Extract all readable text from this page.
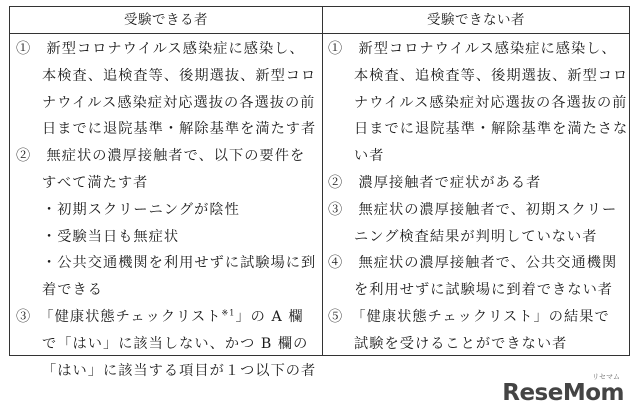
受験できる者	受験できない者
①　新型コロナウイルス感染症に感染し、
本検査、追検査等、後期選抜、新型コロ
ナウイルス感染症対応選抜の各選抜の前
日までに退院基準・解除基準を満たす者
②　無症状の濃厚接触者で、以下の要件を
すべて満たす者
・初期スクリーニングが陰性
・受験当日も無症状
・公共交通機関を利用せずに試験場に到
着できる
③　「健康状態チェックリスト$^{※1}$」の A 欄
で「はい」に該当しない、かつ B 欄の
「はい」に該当する項目が１つ以下の者
①　新型コロナウイルス感染症に感染し、
本検査、追検査等、後期選抜、新型コロ
ナウイルス感染症対応選抜の各選抜の前
日までに退院基準・解除基準を満たさな
い者
②　濃厚接触者で症状がある者
③　無症状の濃厚接触者で、初期スクリー
ニング検査結果が判明していない者
④　無症状の濃厚接触者で、公共交通機関
を利用せずに試験場に到着できない者
⑤　「健康状態チェックリスト」の結果で
試験を受けることができない者
リセマム
ReseMom
